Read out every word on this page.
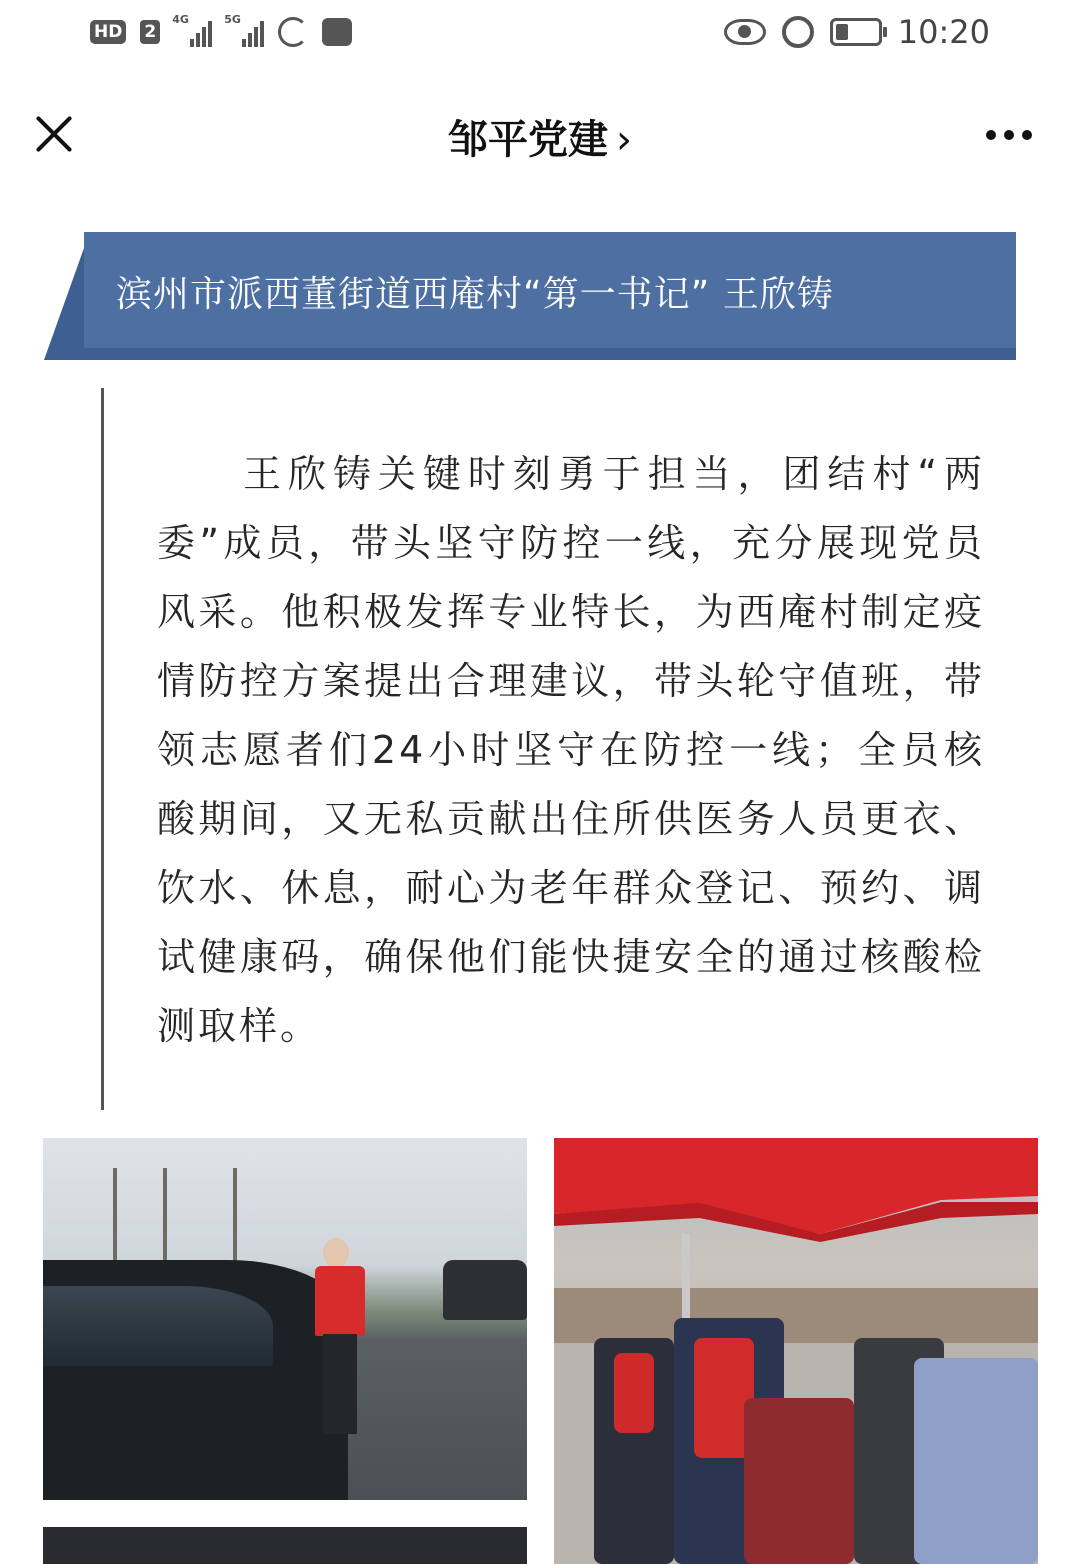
HD 2
4G	5G	10:20
邹平党建 ›
滨州市派西董街道西庵村“第一书记” 王欣铸

王欣铸关键时刻勇于担当，团结村“两委”成员，带头坚守防控一线，充分展现党员风采。他积极发挥专业特长，为西庵村制定疫情防控方案提出合理建议，带头轮守值班，带领志愿者们24小时坚守在防控一线；全员核酸期间，又无私贡献出住所供医务人员更衣、饮水、休息，耐心为老年群众登记、预约、调试健康码，确保他们能快捷安全的通过核酸检测取样。
